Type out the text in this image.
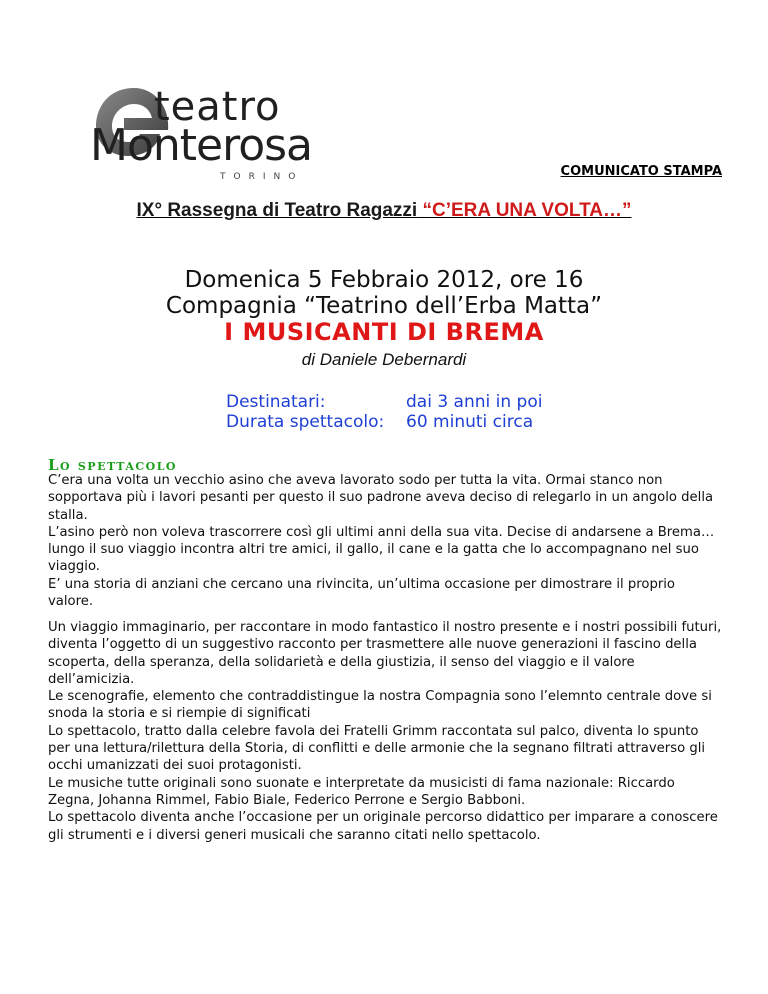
teatro
Monterosa
TORINO	COMUNICATO STAMPA
IX° Rassegna di Teatro Ragazzi “C’ERA UNA VOLTA…”
Domenica 5 Febbraio 2012, ore 16
Compagnia “Teatrino dell’Erba Matta”
I MUSICANTI DI BREMA
di Daniele Debernardi
Destinatari:	dai 3 anni in poi
Durata spettacolo: 60 minuti circa
Lo spettacolo

C’era una volta un vecchio asino che aveva lavorato sodo per tutta la vita. Ormai stanco non sopportava più i lavori pesanti per questo il suo padrone aveva deciso di relegarlo in un angolo della stalla.

L’asino però non voleva trascorrere così gli ultimi anni della sua vita. Decise di andarsene a Brema…lungo il suo viaggio incontra altri tre amici, il gallo, il cane e la gatta che lo accompagnano nel suo viaggio.

E’ una storia di anziani che cercano una rivincita, un’ultima occasione per dimostrare il proprio valore.

Un viaggio immaginario, per raccontare in modo fantastico il nostro presente e i nostri possibili futuri, diventa l’oggetto di un suggestivo racconto per trasmettere alle nuove generazioni il fascino della scoperta, della speranza, della solidarietà e della giustizia, il senso del viaggio e il valore dell’amicizia.

Le scenografie, elemento che contraddistingue la nostra Compagnia sono l’elemnto centrale dove si snoda la storia e si riempie di significati

Lo spettacolo, tratto dalla celebre favola dei Fratelli Grimm raccontata sul palco, diventa lo spunto per una lettura/rilettura della Storia, di conflitti e delle armonie che la segnano filtrati attraverso gli occhi umanizzati dei suoi protagonisti.

Le musiche tutte originali sono suonate e interpretate da musicisti di fama nazionale: Riccardo Zegna, Johanna Rimmel, Fabio Biale, Federico Perrone e Sergio Babboni.

Lo spettacolo diventa anche l’occasione per un originale percorso didattico per imparare a conoscere gli strumenti e i diversi generi musicali che saranno citati nello spettacolo.
